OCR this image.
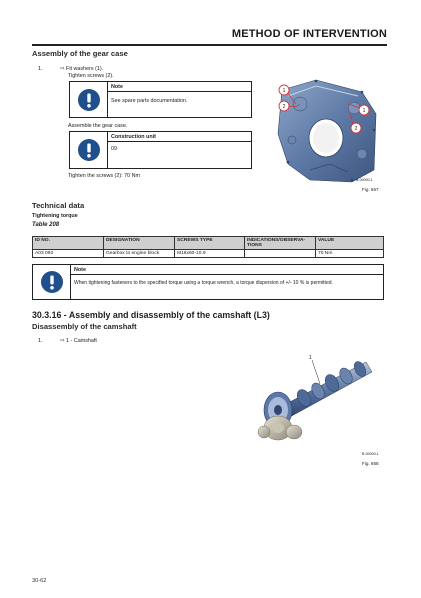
METHOD OF INTERVENTION
Assembly of the gear case
1.	⇨ Fit washers (1).
Tighten screws (2).
Note
See spare parts documentation.
Assemble the gear case.
Construction unit
09
Tighten the screws (2): 70 Nm
1
2
1
2
B-00000-1
Fig. 667
Technical data
Tightening torque
Table 208
ID NO.	DESIGNATION	SCREWS TYPE	INDICATIONS/OBSERVA-TIONS	VALUE
A03 092	Gearbox to engine block	M16x60-10.9		70 Nm
Note
When tightening fasteners to the specified torque using a torque wrench, a torque dispersion of +/- 10 % is permitted.
30.3.16 - Assembly and disassembly of the camshaft (L3)
Disassembly of the camshaft
1.	⇨ 1 - Camshaft
1
B-00000-1
Fig. 668
30-62
